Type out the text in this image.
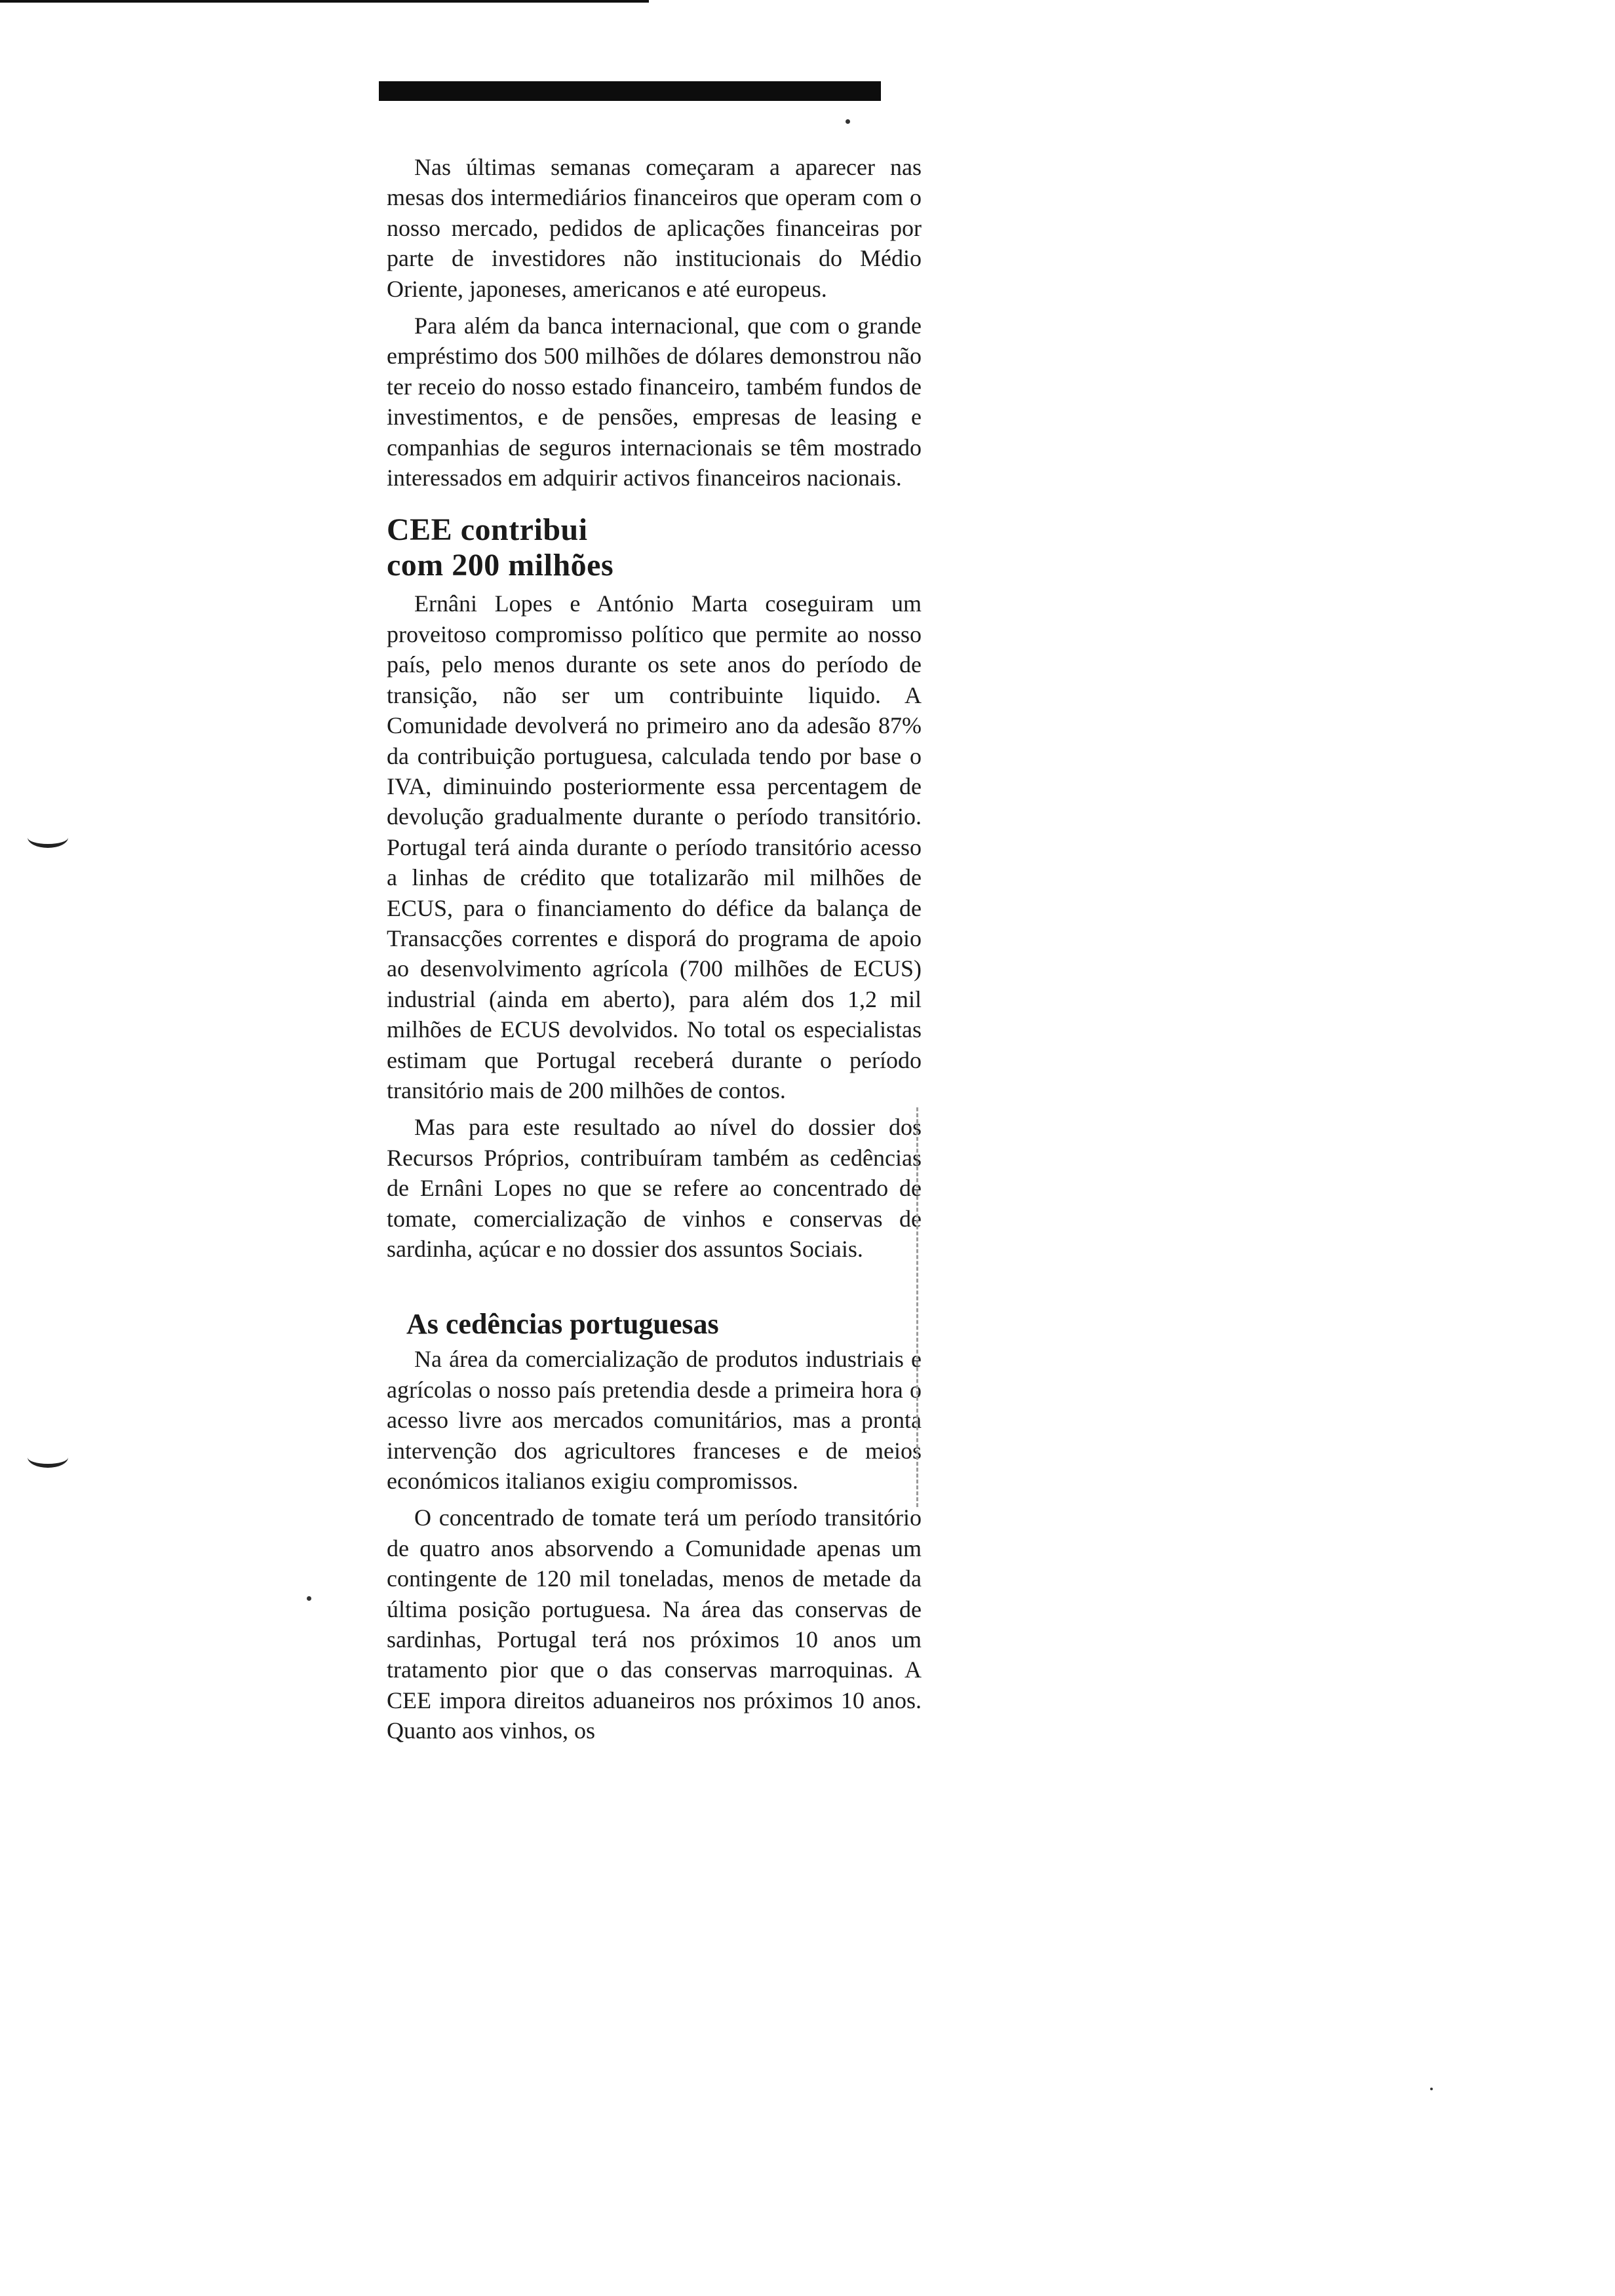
Nas últimas semanas começaram a aparecer nas mesas dos intermediários financeiros que operam com o nosso mercado, pedidos de aplicações financeiras por parte de investidores não institucionais do Médio Oriente, japoneses, americanos e até europeus.

Para além da banca internacional, que com o grande empréstimo dos 500 milhões de dólares demonstrou não ter receio do nosso estado financeiro, também fundos de investimentos, e de pensões, empresas de leasing e companhias de seguros internacionais se têm mostrado interessados em adquirir activos financeiros nacionais.

CEE contribui
com 200 milhões

Ernâni Lopes e António Marta coseguiram um proveitoso compromisso político que permite ao nosso país, pelo menos durante os sete anos do período de transição, não ser um contribuinte liquido. A Comunidade devolverá no primeiro ano da adesão 87% da contribuição portuguesa, calculada tendo por base o IVA, diminuindo posteriormente essa percentagem de devolução gradualmente durante o período transitório. Portugal terá ainda durante o período transitório acesso a linhas de crédito que totalizarão mil milhões de ECUS, para o financiamento do défice da balança de Transacções correntes e disporá do programa de apoio ao desenvolvimento agrícola (700 milhões de ECUS) industrial (ainda em aberto), para além dos 1,2 mil milhões de ECUS devolvidos. No total os especialistas estimam que Portugal receberá durante o período transitório mais de 200 milhões de contos.

Mas para este resultado ao nível do dossier dos Recursos Próprios, contribuíram também as cedências de Ernâni Lopes no que se refere ao concentrado de tomate, comercialização de vinhos e conservas de sardinha, açúcar e no dossier dos assuntos Sociais.

As cedências portuguesas

Na área da comercialização de produtos industriais e agrícolas o nosso país pretendia desde a primeira hora o acesso livre aos mercados comunitários, mas a pronta intervenção dos agricultores franceses e de meios económicos italianos exigiu compromissos.

O concentrado de tomate terá um período transitório de quatro anos absorvendo a Comunidade apenas um contingente de 120 mil toneladas, menos de metade da última posição portuguesa. Na área das conservas de sardinhas, Portugal terá nos próximos 10 anos um tratamento pior que o das conservas marroquinas. A CEE impora direitos aduaneiros nos próximos 10 anos. Quanto aos vinhos, os
